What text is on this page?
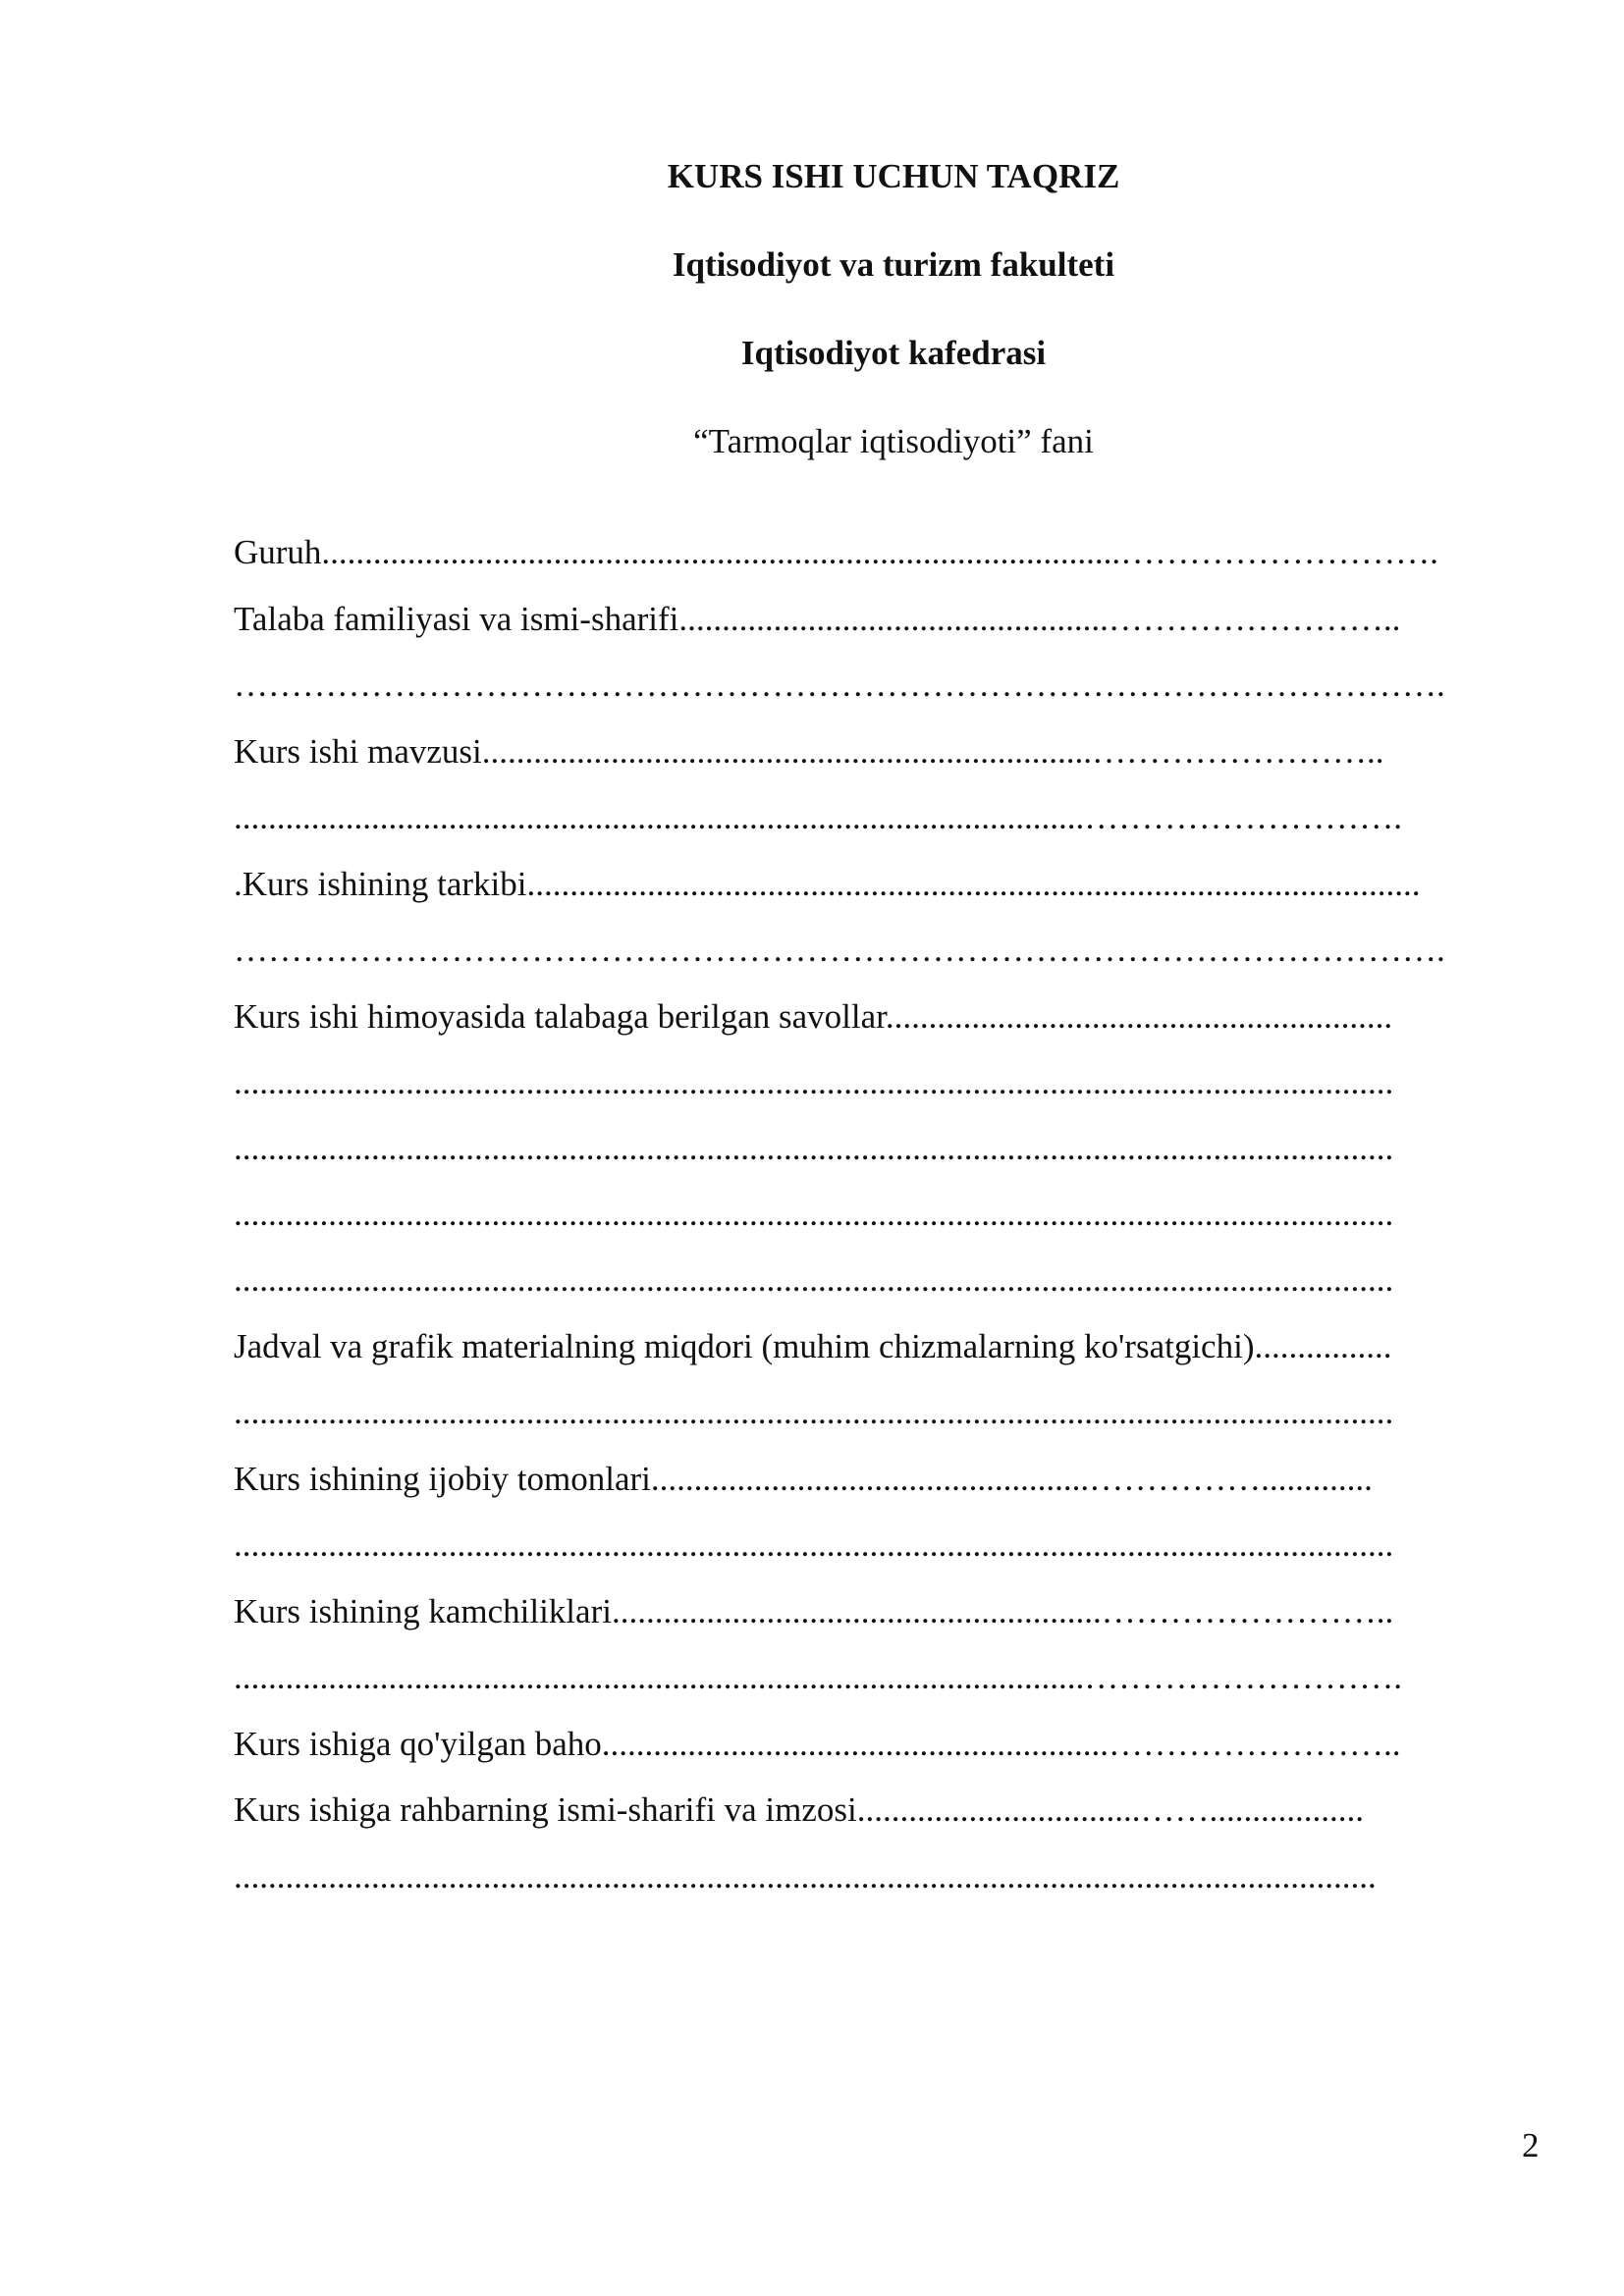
KURS ISHI UCHUN TAQRIZ
Iqtisodiyot va turizm fakulteti
Iqtisodiyot kafedrasi
“Tarmoqlar iqtisodiyoti” fani
Guruh.............................................................................................……………………….
Talaba familiyasi va ismi-sharifi..................................................……………………..
…………………………………………………………………………………………….
Kurs ishi mavzusi.......................................................................……………………..
...................................................................................................……………………….
.Kurs ishining tarkibi........................................................................................................
…………………………………………………………………………………………….
Kurs ishi himoyasida talabaga berilgan savollar...........................................................
.......................................................................................................................................
.......................................................................................................................................
.......................................................................................................................................
.......................................................................................................................................
Jadval va grafik materialning miqdori (muhim chizmalarning ko'rsatgichi)................
.......................................................................................................................................
Kurs ishining ijobiy tomonlari...................................................…………….............
.......................................................................................................................................
Kurs ishining kamchiliklari.........................................................……………………..
...................................................................................................……………………….
Kurs ishiga qo'yilgan baho...........................................................……………………..
Kurs ishiga rahbarning ismi-sharifi va imzosi.................................……..................
.....................................................................................................................................
2
